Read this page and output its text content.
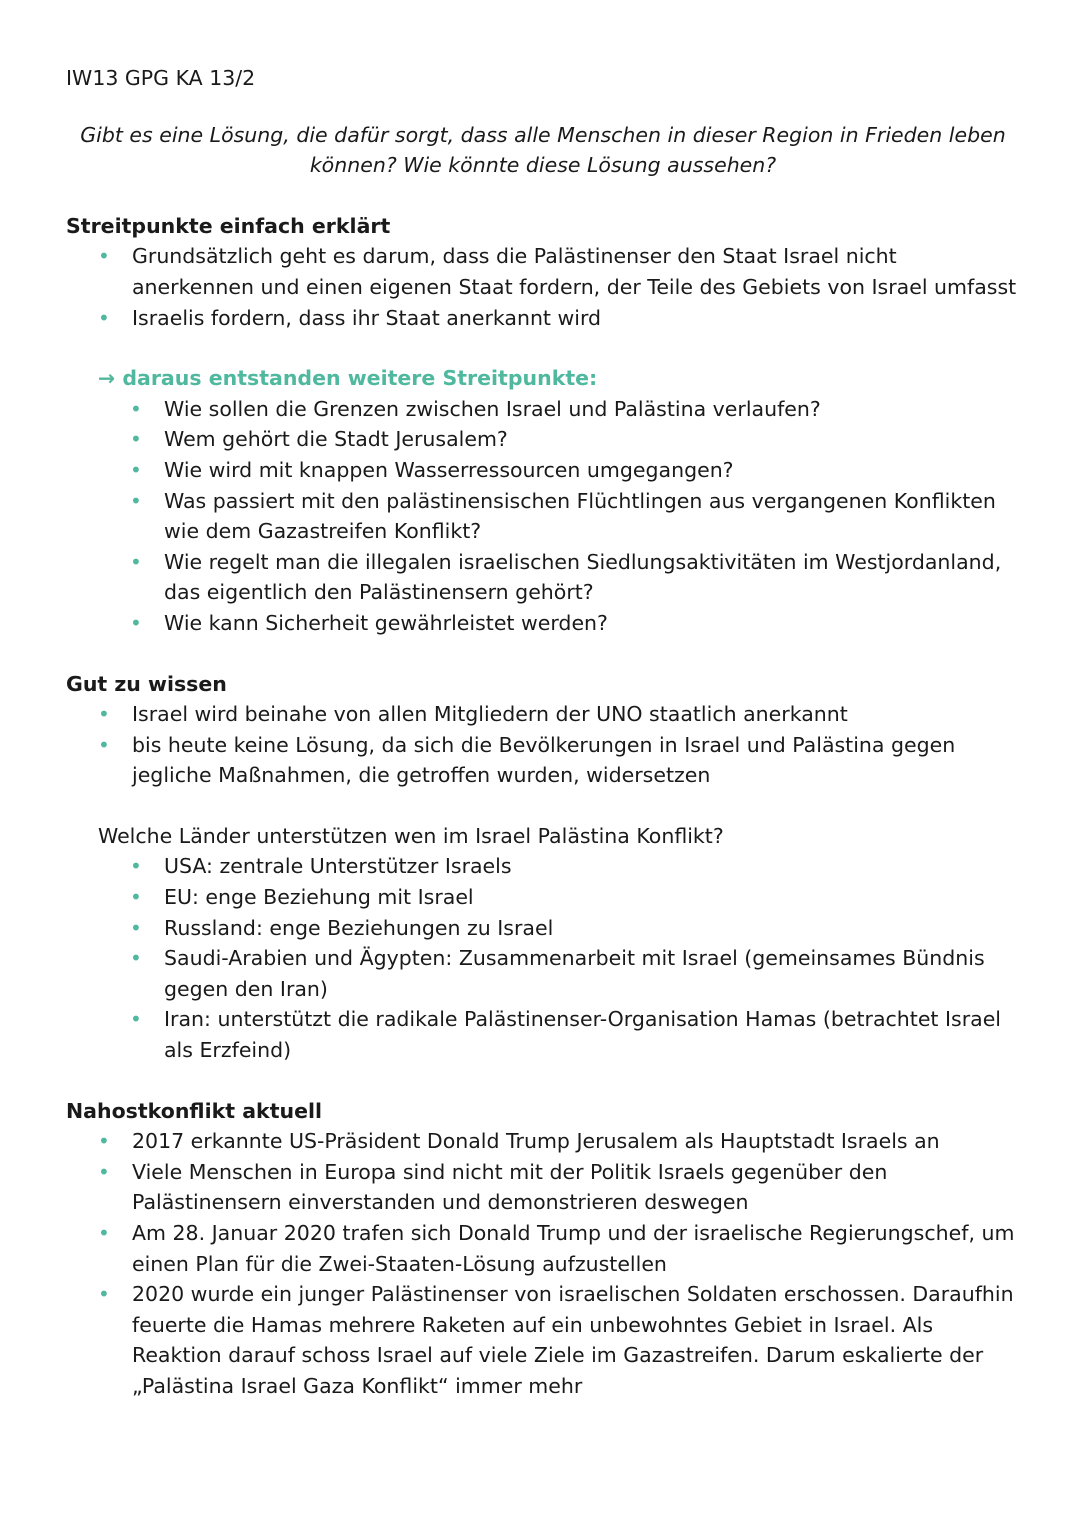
IW13 GPG KA 13/2

Gibt es eine Lösung, die dafür sorgt, dass alle Menschen in dieser Region in Frieden leben können? Wie könnte diese Lösung aussehen?

Streitpunkte einfach erklärt

• Grundsätzlich geht es darum, dass die Palästinenser den Staat Israel nicht anerkennen und einen eigenen Staat fordern, der Teile des Gebiets von Israel umfasst
• Israelis fordern, dass ihr Staat anerkannt wird

→ daraus entstanden weitere Streitpunkte:

• Wie sollen die Grenzen zwischen Israel und Palästina verlaufen?
• Wem gehört die Stadt Jerusalem?
• Wie wird mit knappen Wasserressourcen umgegangen?
• Was passiert mit den palästinensischen Flüchtlingen aus vergangenen Konflikten wie dem Gazastreifen Konflikt?
• Wie regelt man die illegalen israelischen Siedlungsaktivitäten im Westjordanland, das eigentlich den Palästinensern gehört?
• Wie kann Sicherheit gewährleistet werden?

Gut zu wissen

• Israel wird beinahe von allen Mitgliedern der UNO staatlich anerkannt
• bis heute keine Lösung, da sich die Bevölkerungen in Israel und Palästina gegen jegliche Maßnahmen, die getroffen wurden, widersetzen

Welche Länder unterstützen wen im Israel Palästina Konflikt?

• USA: zentrale Unterstützer Israels
• EU: enge Beziehung mit Israel
• Russland: enge Beziehungen zu Israel
• Saudi-Arabien und Ägypten: Zusammenarbeit mit Israel (gemeinsames Bündnis gegen den Iran)
• Iran: unterstützt die radikale Palästinenser-Organisation Hamas (betrachtet Israel als Erzfeind)

Nahostkonflikt aktuell

• 2017 erkannte US-Präsident Donald Trump Jerusalem als Hauptstadt Israels an
• Viele Menschen in Europa sind nicht mit der Politik Israels gegenüber den Palästinensern einverstanden und demonstrieren deswegen
• Am 28. Januar 2020 trafen sich Donald Trump und der israelische Regierungschef, um einen Plan für die Zwei-Staaten-Lösung aufzustellen
• 2020 wurde ein junger Palästinenser von israelischen Soldaten erschossen. Daraufhin feuerte die Hamas mehrere Raketen auf ein unbewohntes Gebiet in Israel. Als Reaktion darauf schoss Israel auf viele Ziele im Gazastreifen. Darum eskalierte der „Palästina Israel Gaza Konflikt“ immer mehr
